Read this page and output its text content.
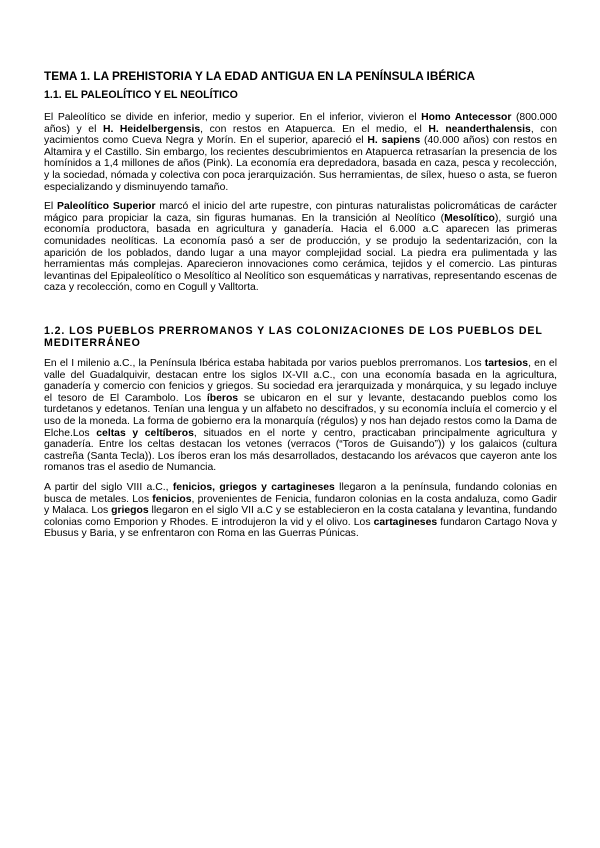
TEMA 1. LA PREHISTORIA Y LA EDAD ANTIGUA EN LA PENÍNSULA IBÉRICA
1.1. EL PALEOLÍTICO Y EL NEOLÍTICO

El Paleolítico se divide en inferior, medio y superior. En el inferior, vivieron el Homo Antecessor (800.000 años) y el H. Heidelbergensis, con restos en Atapuerca. En el medio, el H. neanderthalensis, con yacimientos como Cueva Negra y Morín. En el superior, apareció el H. sapiens (40.000 años) con restos en Altamira y el Castillo. Sin embargo, los recientes descubrimientos en Atapuerca retrasarían la presencia de los homínidos a 1,4 millones de años (Pink). La economía era depredadora, basada en caza, pesca y recolección, y la sociedad, nómada y colectiva con poca jerarquización. Sus herramientas, de sílex, hueso o asta, se fueron especializando y disminuyendo tamaño.

El Paleolítico Superior marcó el inicio del arte rupestre, con pinturas naturalistas policromáticas de carácter mágico para propiciar la caza, sin figuras humanas. En la transición al Neolítico (Mesolítico), surgió una economía productora, basada en agricultura y ganadería. Hacia el 6.000 a.C aparecen las primeras comunidades neolíticas. La economía pasó a ser de producción, y se produjo la sedentarización, con la aparición de los poblados, dando lugar a una mayor complejidad social. La piedra era pulimentada y las herramientas más complejas. Aparecieron innovaciones como cerámica, tejidos y el comercio. Las pinturas levantinas del Epipaleolítico o Mesolítico al Neolítico son esquemáticas y narrativas, representando escenas de caza y recolección, como en Cogull y Valltorta.

1.2. LOS PUEBLOS PRERROMANOS Y LAS COLONIZACIONES DE LOS PUEBLOS DEL MEDITERRÁNEO

En el I milenio a.C., la Península Ibérica estaba habitada por varios pueblos prerromanos. Los tartesios, en el valle del Guadalquivir, destacan entre los siglos IX-VII a.C., con una economía basada en la agricultura, ganadería y comercio con fenicios y griegos. Su sociedad era jerarquizada y monárquica, y su legado incluye el tesoro de El Carambolo. Los íberos se ubicaron en el sur y levante, destacando pueblos como los turdetanos y edetanos. Tenían una lengua y un alfabeto no descifrados, y su economía incluía el comercio y el uso de la moneda. La forma de gobierno era la monarquía (régulos) y nos han dejado restos como la Dama de Elche.Los celtas y celtíberos, situados en el norte y centro, practicaban principalmente agricultura y ganadería. Entre los celtas destacan los vetones (verracos (“Toros de Guisando”)) y los galaicos (cultura castreña (Santa Tecla)). Los íberos eran los más desarrollados, destacando los arévacos que cayeron ante los romanos tras el asedio de Numancia.

A partir del siglo VIII a.C., fenicios, griegos y cartagineses llegaron a la península, fundando colonias en busca de metales. Los fenicios, provenientes de Fenicia, fundaron colonias en la costa andaluza, como Gadir y Malaca. Los griegos llegaron en el siglo VII a.C y se establecieron en la costa catalana y levantina, fundando colonias como Emporion y Rhodes. E introdujeron la vid y el olivo. Los cartagineses fundaron Cartago Nova y Ebusus y Baria, y se enfrentaron con Roma en las Guerras Púnicas.
